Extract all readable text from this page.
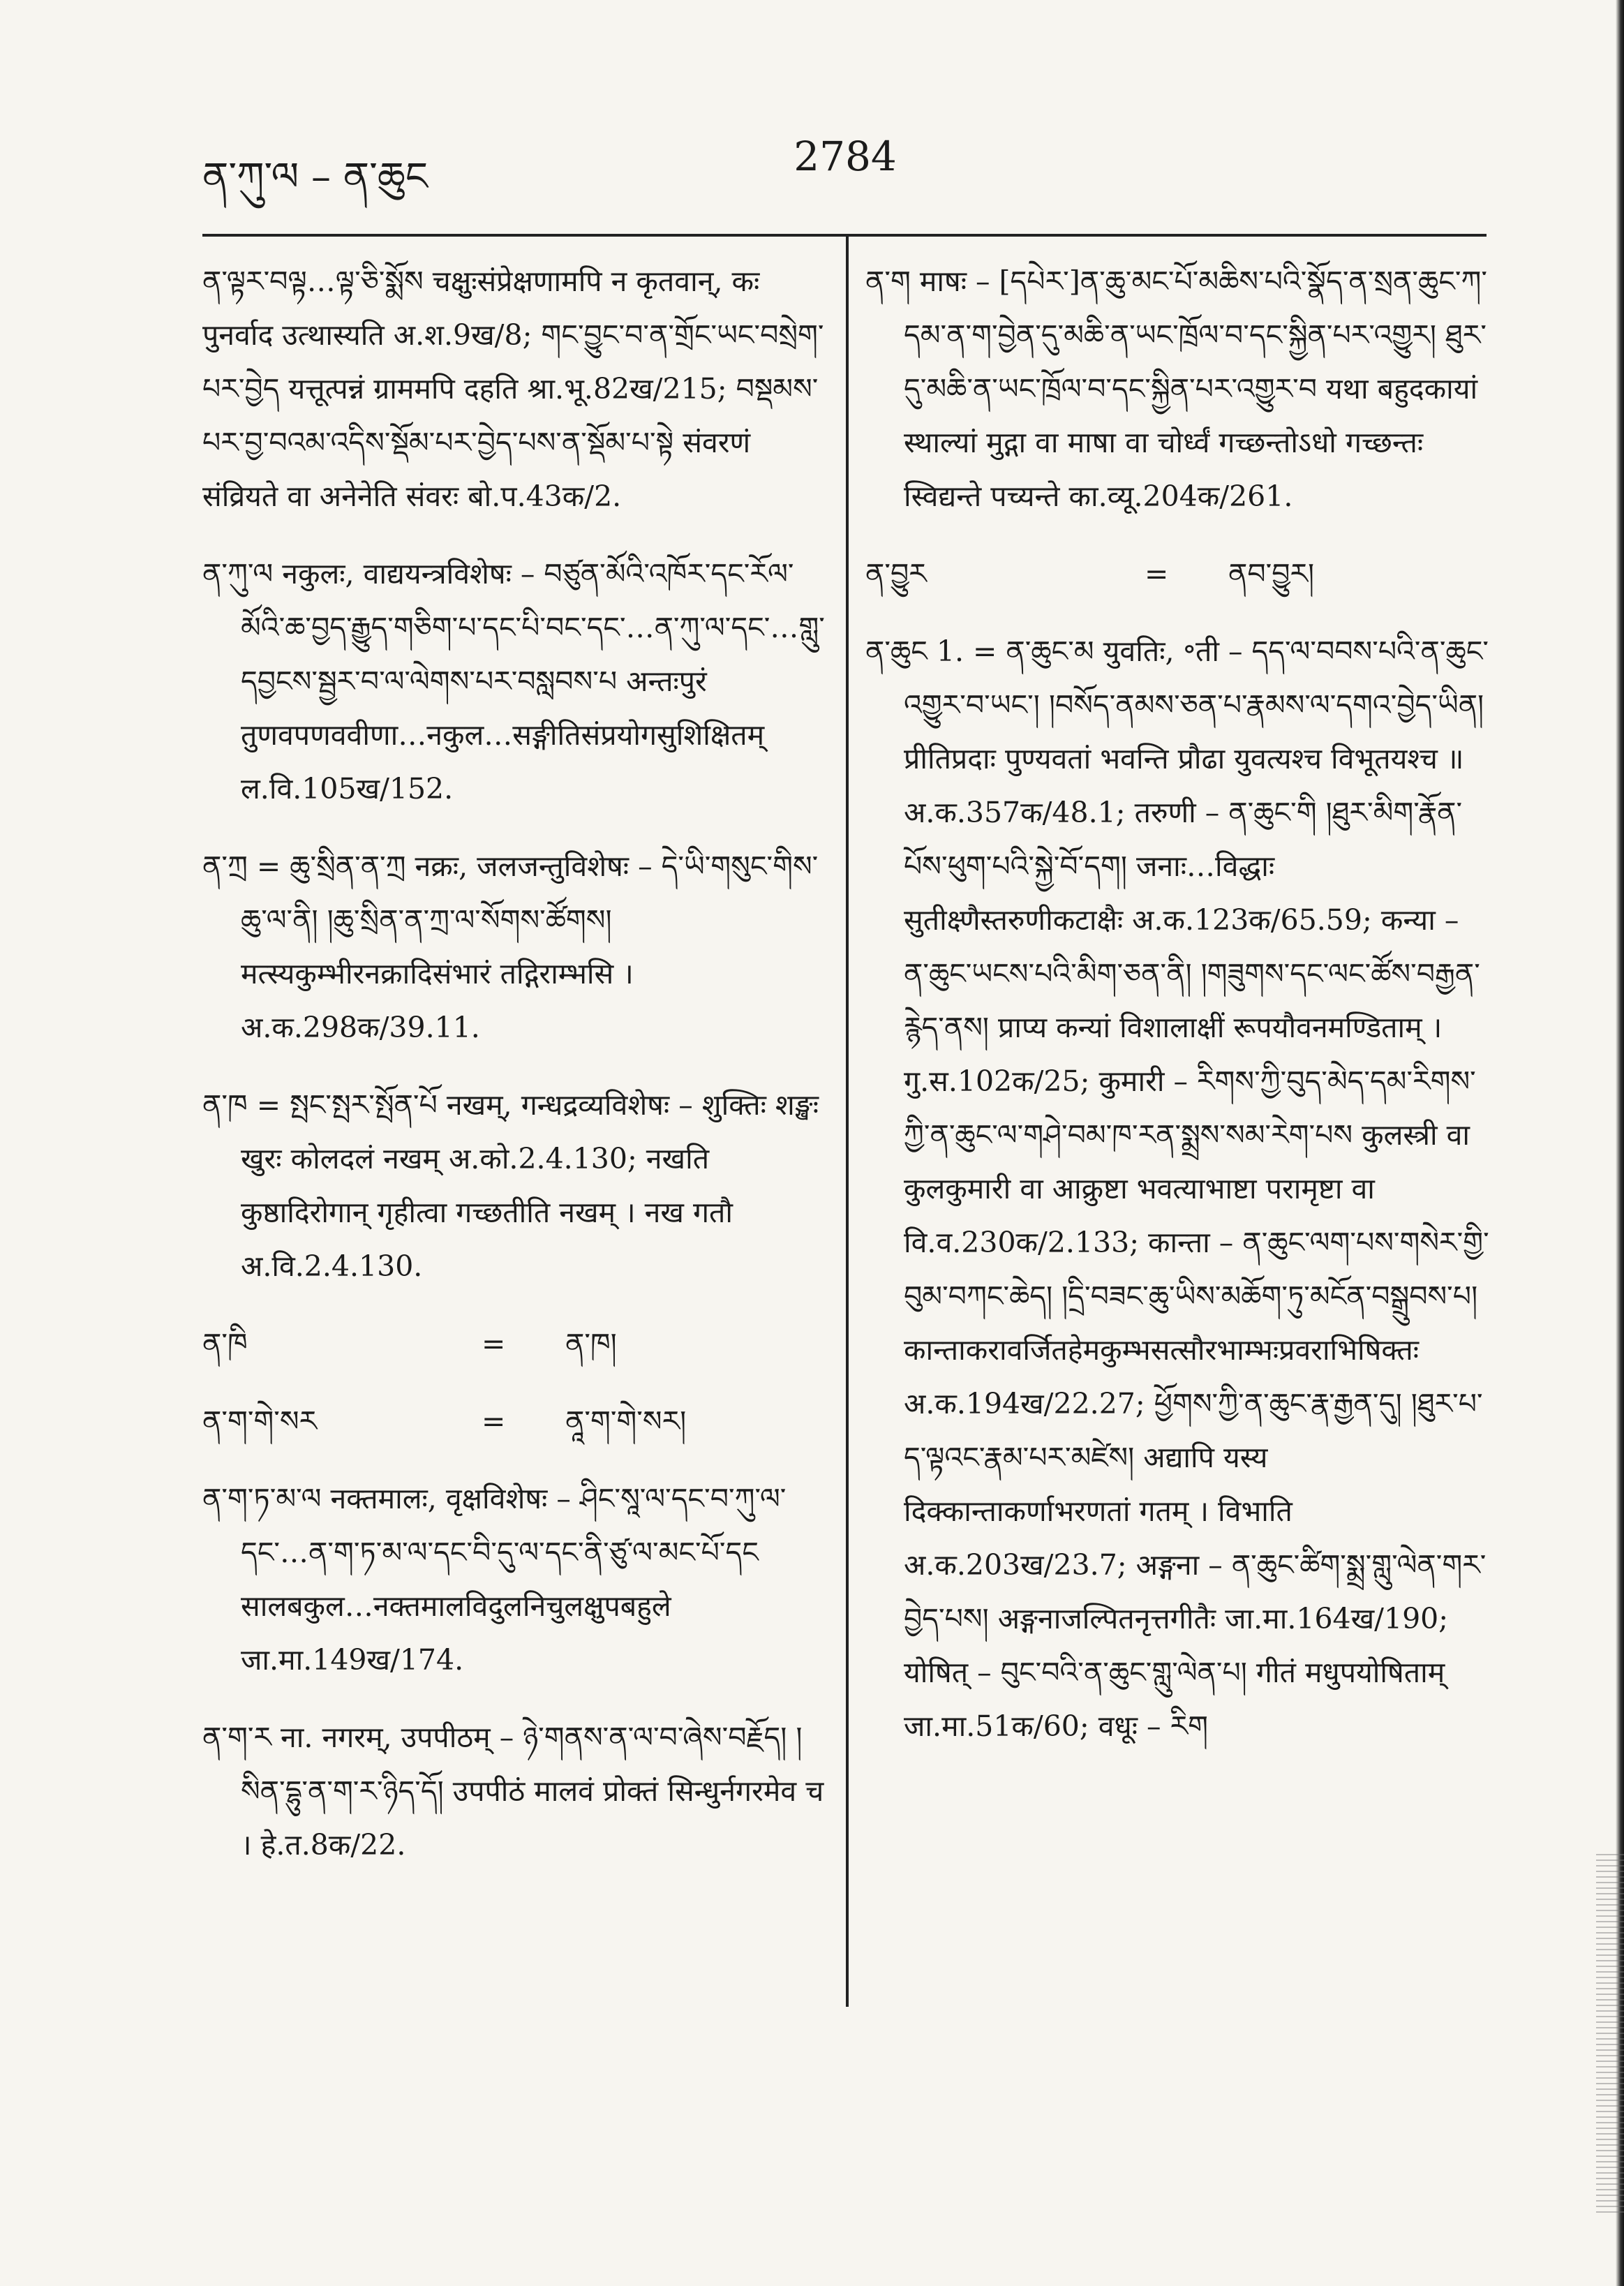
ན་ཀུ་ལ – ན་ཆུང	2784

ན་ལྟར་བལྟ…ལྟ་ཅི་སྨོས चक्षुःसंप्रेक्षणामपि न कृतवान्, कः पुनर्वाद उत्थास्यति अ.श.9ख/8; གང་བྱུང་བ་ན་གྲོང་ཡང་བསྲེག་པར་བྱེད यत्तूत्पन्नं ग्राममपि दहति श्रा.भू.82ख/215; བསྡམས་པར་བྱ་བའམ་འདིས་སྡོམ་པར་བྱེད་པས་ན་སྡོམ་པ་སྟེ संवरणं संव्रियते वा अनेनेति संवरः बो.प.43क/2.

ན་ཀུ་ལ नकुलः, वाद्ययन्त्रविशेषः – བཙུན་མོའི་འཁོར་དང་རོལ་མོའི་ཆ་བྱད་རྒྱུད་གཅིག་པ་དང་པི་བང་དང་…ན་ཀུ་ལ་དང་…གླུ་དབྱངས་སྦྱར་བ་ལ་ལེགས་པར་བསླབས་པ अन्तःपुरं तुणवपणववीणा…नकुल…सङ्गीतिसंप्रयोगसुशिक्षितम् ल.वि.105ख/152.

ན་ཀྲ = ཆུ་སྲིན་ན་ཀྲ नक्रः, जलजन्तुविशेषः – དེ་ཡི་གསུང་གིས་ཆུ་ལ་ནི། །ཆུ་སྲིན་ན་ཀྲ་ལ་སོགས་ཚོགས། मत्स्यकुम्भीरनक्रादिसंभारं तद्गिराम्भसि । अ.क.298क/39.11.

ན་ཁ = སྤང་སྤར་སྤོན་པོ नखम्, गन्धद्रव्यविशेषः – शुक्तिः शङ्खः खुरः कोलदलं नखम् अ.को.2.4.130; नखति कुष्ठादिरोगान् गृहीत्वा गच्छतीति नखम् । नख गतौ अ.वि.2.4.130.

ན་ཁི	=	ན་ཁ།
ན་ག་གེ་སར	=	ནཱ་ག་གེ་སར།

ན་ག་ཏ་མ་ལ नक्तमालः, वृक्षविशेषः – ཤིང་སཱ་ལ་དང་བ་ཀུ་ལ་དང་…ན་ག་ཏ་མ་ལ་དང་བི་དུ་ལ་དང་ནི་ཙུ་ལ་མང་པོ་དང सालबकुल…नक्तमालविदुलनिचुलक्षुपबहुले जा.मा.149ख/174.

ན་ག་ར ना. नगरम्, उपपीठम् – ཉེ་གནས་ན་ལ་བ་ཞེས་བརྗོད། །སིན་དྷུ་ན་ག་ར་ཉིད་དོ། उपपीठं मालवं प्रोक्तं सिन्धुर्नगरमेव च । हे.त.8क/22.

ན་ག माषः – [དཔེར་]ན་ཆུ་མང་པོ་མཆིས་པའི་སྣོད་ན་སྲན་ཆུང་ཀ་དམ་ན་ག་བྱེན་དུ་མཆི་ན་ཡང་ཁྲོལ་བ་དང་སྐྱིན་པར་འགྱུར། ཐུར་དུ་མཆི་ན་ཡང་ཁྲོལ་བ་དང་སྐྱིན་པར་འགྱུར་བ यथा बहुदकायां स्थाल्यां मुद्गा वा माषा वा चोर्ध्वं गच्छन्तोऽधो गच्छन्तः स्विद्यन्ते पच्यन्ते का.व्यू.204क/261.

ན་བྱུར	=	ནབ་བྱུར།

ན་ཆུང 1. = ན་ཆུང་མ युवतिः, ॰ती – དད་ལ་བབས་པའི་ན་ཆུང་འགྱུར་བ་ཡང་། །བསོད་ནམས་ཅན་པ་རྣམས་ལ་དགའ་བྱེད་ཡིན། प्रीतिप्रदाः पुण्यवतां भवन्ति प्रौढा युवत्यश्च विभूतयश्च ॥ अ.क.357क/48.1; तरुणी – ན་ཆུང་གི །ཐུར་མིག་རྣོན་པོས་ཕུག་པའི་སྐྱེ་བོ་དག། जनाः…विद्धाः सुतीक्ष्णैस्तरुणीकटाक्षैः अ.क.123क/65.59; कन्या – ན་ཆུང་ཡངས་པའི་མིག་ཅན་ནི། །གཟུགས་དང་ལང་ཚོས་བརྒྱན་རྙེད་ནས། प्राप्य कन्यां विशालाक्षीं रूपयौवनमण्डिताम् । गु.स.102क/25; कुमारी – རིགས་ཀྱི་བུད་མེད་དམ་རིགས་ཀྱི་ན་ཆུང་ལ་གཤེ་བམ་ཁ་རན་སྨྲས་སམ་རེག་པས कुलस्त्री वा कुलकुमारी वा आक्रुष्टा भवत्याभाष्टा परामृष्टा वा वि.व.230क/2.133; कान्ता – ན་ཆུང་ལག་པས་གསེར་གྱི་བུམ་བཀང་ཆེད། །དྲི་བཟང་ཆུ་ཡིས་མཆོག་ཏུ་མངོན་བསྒྲུབས་པ། कान्ताकरावर्जितहेमकुम्भसत्सौरभाम्भःप्रवराभिषिक्तः अ.क.194ख/22.27; ཕྱོགས་ཀྱི་ན་ཆུང་རྣ་རྒྱན་དུ། །ཐུར་པ་ད་ལྟའང་རྣམ་པར་མཛེས། अद्यापि यस्य दिक्कान्ताकर्णाभरणतां गतम् । विभाति अ.क.203ख/23.7; अङ्गना – ན་ཆུང་ཚིག་སྨྲ་གླུ་ལེན་གར་བྱེད་པས། अङ्गनाजल्पितनृत्तगीतैः जा.मा.164ख/190; योषित् – བུང་བའི་ན་ཆུང་གླུ་ལེན་པ། गीतं मधुपयोषिताम् जा.मा.51क/60; वधूः – རིག
